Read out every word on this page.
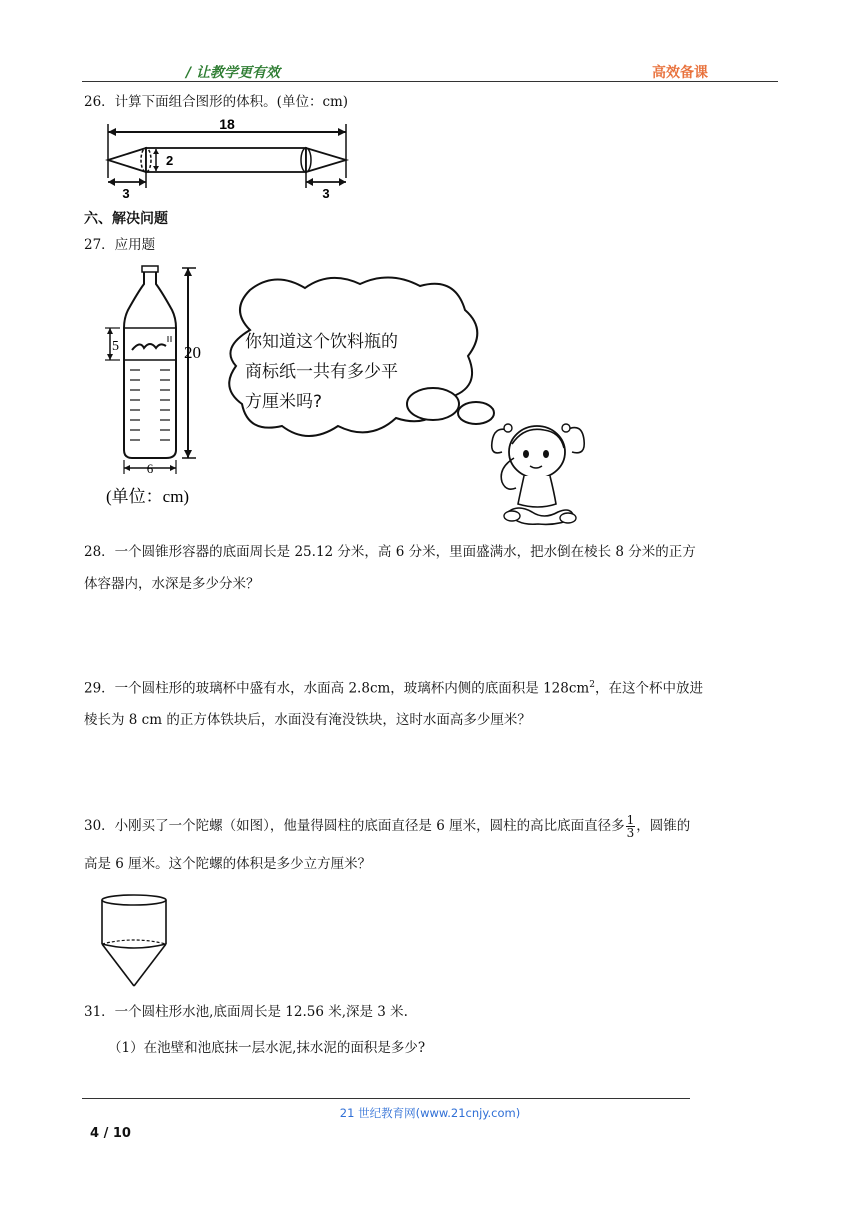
/ 让教学更有效	高效备课
26．计算下面组合图形的体积。(单位：cm)
18
2
3	3
六、解决问题
27．应用题
20
5
6
(单位：cm)
你知道这个饮料瓶的
商标纸一共有多少平
方厘米吗?
28．一个圆锥形容器的底面周长是 25.12 分米，高 6 分米，里面盛满水，把水倒在棱长 8 分米的正方
体容器内，水深是多少分米？
29．一个圆柱形的玻璃杯中盛有水，水面高 2.8cm，玻璃杯内侧的底面积是 $128cm^2$，在这个杯中放进
棱长为 8 cm 的正方体铁块后，水面没有淹没铁块，这时水面高多少厘米？
30．小刚买了一个陀螺（如图），他量得圆柱的底面直径是 6 厘米，圆柱的高比底面直径多 $\frac{1}{3}$ ，圆锥的
高是 6 厘米。这个陀螺的体积是多少立方厘米？
31．一个圆柱形水池,底面周长是 12.56 米,深是 3 米.
（1）在池壁和池底抹一层水泥,抹水泥的面积是多少?
21 世纪教育网(www.21cnjy.com)
4 / 10
